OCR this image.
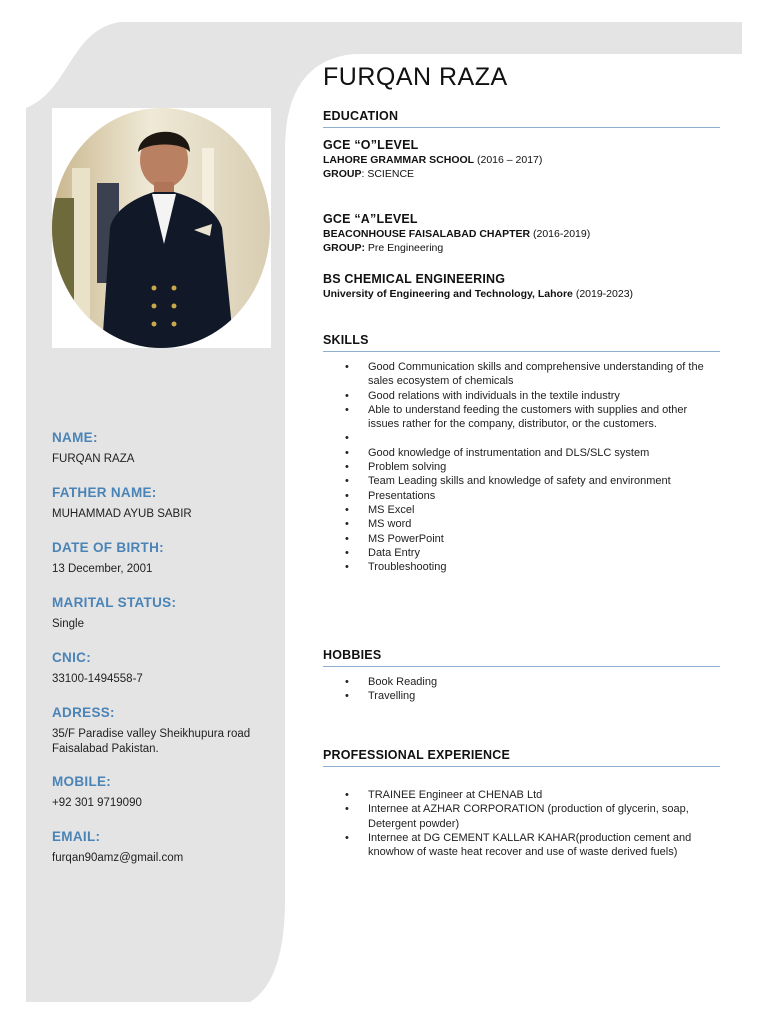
NAME:
FURQAN RAZA
FATHER NAME:
MUHAMMAD AYUB SABIR
DATE OF BIRTH:
13 December, 2001
MARITAL STATUS:
Single
CNIC:
33100-1494558-7
ADRESS:
35/F Paradise valley Sheikhupura road
Faisalabad Pakistan.
MOBILE:
+92 301 9719090
EMAIL:
furqan90amz@gmail.com
FURQAN RAZA
EDUCATION
GCE “O”LEVEL
LAHORE GRAMMAR SCHOOL (2016 – 2017)
GROUP: SCIENCE
GCE “A”LEVEL
BEACONHOUSE FAISALABAD CHAPTER (2016-2019)
GROUP: Pre Engineering
BS CHEMICAL ENGINEERING
University of Engineering and Technology, Lahore (2019-2023)
SKILLS
• Good Communication skills and comprehensive understanding of the sales ecosystem of chemicals
• Good relations with individuals in the textile industry
• Able to understand feeding the customers with supplies and other issues rather for the company, distributor, or the customers.
•
• Good knowledge of instrumentation and DLS/SLC system
• Problem solving
• Team Leading skills and knowledge of safety and environment
• Presentations
• MS Excel
• MS word
• MS PowerPoint
• Data Entry
• Troubleshooting
HOBBIES
• Book Reading
• Travelling
PROFESSIONAL EXPERIENCE
• TRAINEE Engineer at CHENAB Ltd
• Internee at AZHAR CORPORATION (production of glycerin, soap, Detergent powder)
• Internee at DG CEMENT KALLAR KAHAR(production cement and knowhow of waste heat recover and use of waste derived fuels)
